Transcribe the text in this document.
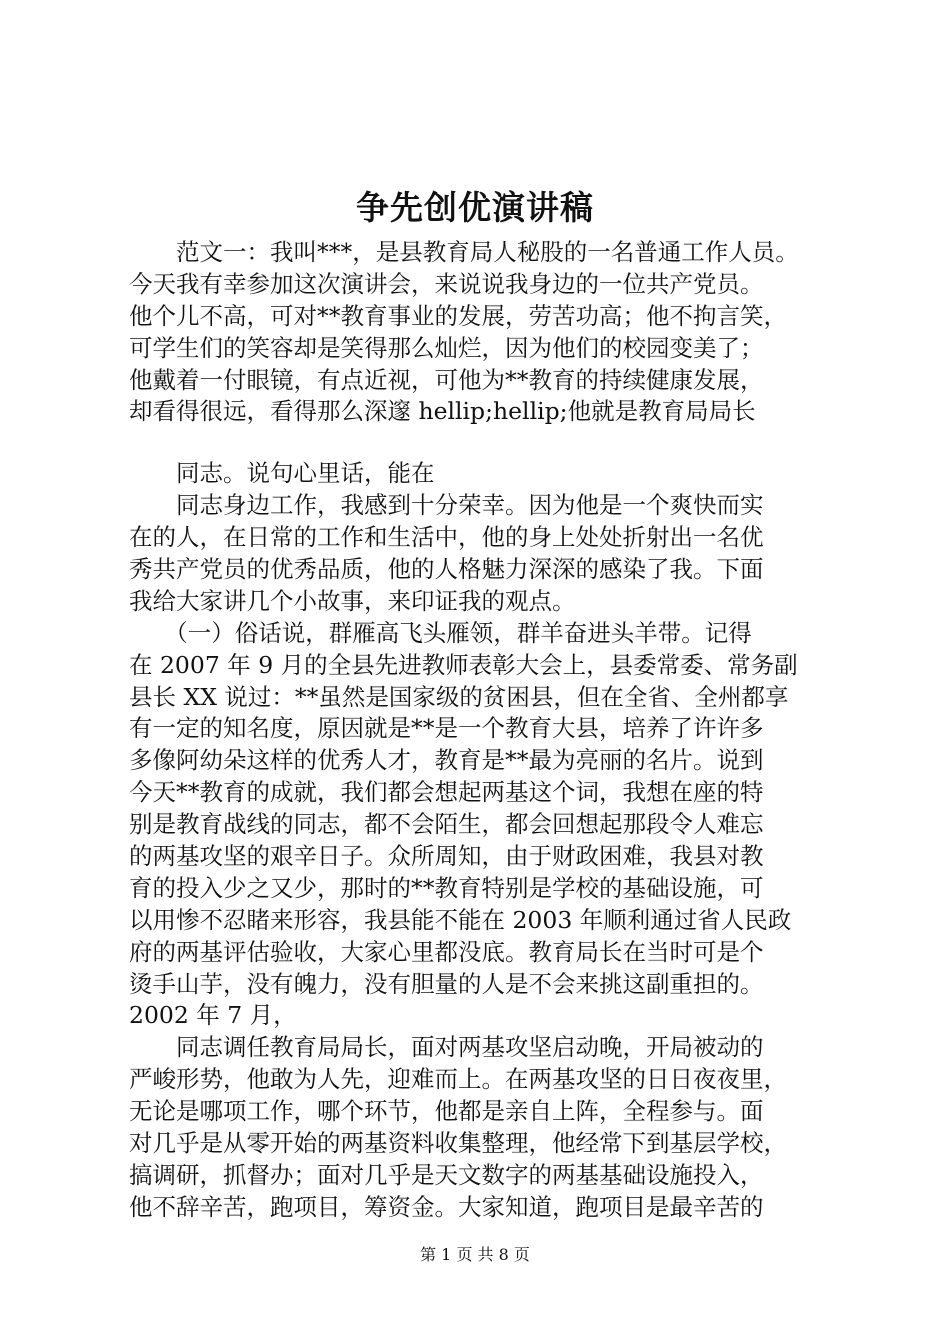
争先创优演讲稿
　　范文一：我叫***，是县教育局人秘股的一名普通工作人员。
今天我有幸参加这次演讲会，来说说我身边的一位共产党员。
他个儿不高，可对**教育事业的发展，劳苦功高；他不拘言笑，
可学生们的笑容却是笑得那么灿烂，因为他们的校园变美了；
他戴着一付眼镜，有点近视，可他为**教育的持续健康发展，
却看得很远，看得那么深邃 hellip;hellip;他就是教育局局长
　　同志。说句心里话，能在
　　同志身边工作，我感到十分荣幸。因为他是一个爽快而实
在的人，在日常的工作和生活中，他的身上处处折射出一名优
秀共产党员的优秀品质，他的人格魅力深深的感染了我。下面
我给大家讲几个小故事，来印证我的观点。
　　（一）俗话说，群雁高飞头雁领，群羊奋进头羊带。记得
在 2007 年 9 月的全县先进教师表彰大会上，县委常委、常务副
县长 XX 说过：**虽然是国家级的贫困县，但在全省、全州都享
有一定的知名度，原因就是**是一个教育大县，培养了许许多
多像阿幼朵这样的优秀人才，教育是**最为亮丽的名片。说到
今天**教育的成就，我们都会想起两基这个词，我想在座的特
别是教育战线的同志，都不会陌生，都会回想起那段令人难忘
的两基攻坚的艰辛日子。众所周知，由于财政困难，我县对教
育的投入少之又少，那时的**教育特别是学校的基础设施，可
以用惨不忍睹来形容，我县能不能在 2003 年顺利通过省人民政
府的两基评估验收，大家心里都没底。教育局长在当时可是个
烫手山芋，没有魄力，没有胆量的人是不会来挑这副重担的。
2002 年 7 月，
　　同志调任教育局局长，面对两基攻坚启动晚，开局被动的
严峻形势，他敢为人先，迎难而上。在两基攻坚的日日夜夜里，
无论是哪项工作，哪个环节，他都是亲自上阵，全程参与。面
对几乎是从零开始的两基资料收集整理，他经常下到基层学校，
搞调研，抓督办；面对几乎是天文数字的两基基础设施投入，
他不辞辛苦，跑项目，筹资金。大家知道，跑项目是最辛苦的
第 1 页 共 8 页
